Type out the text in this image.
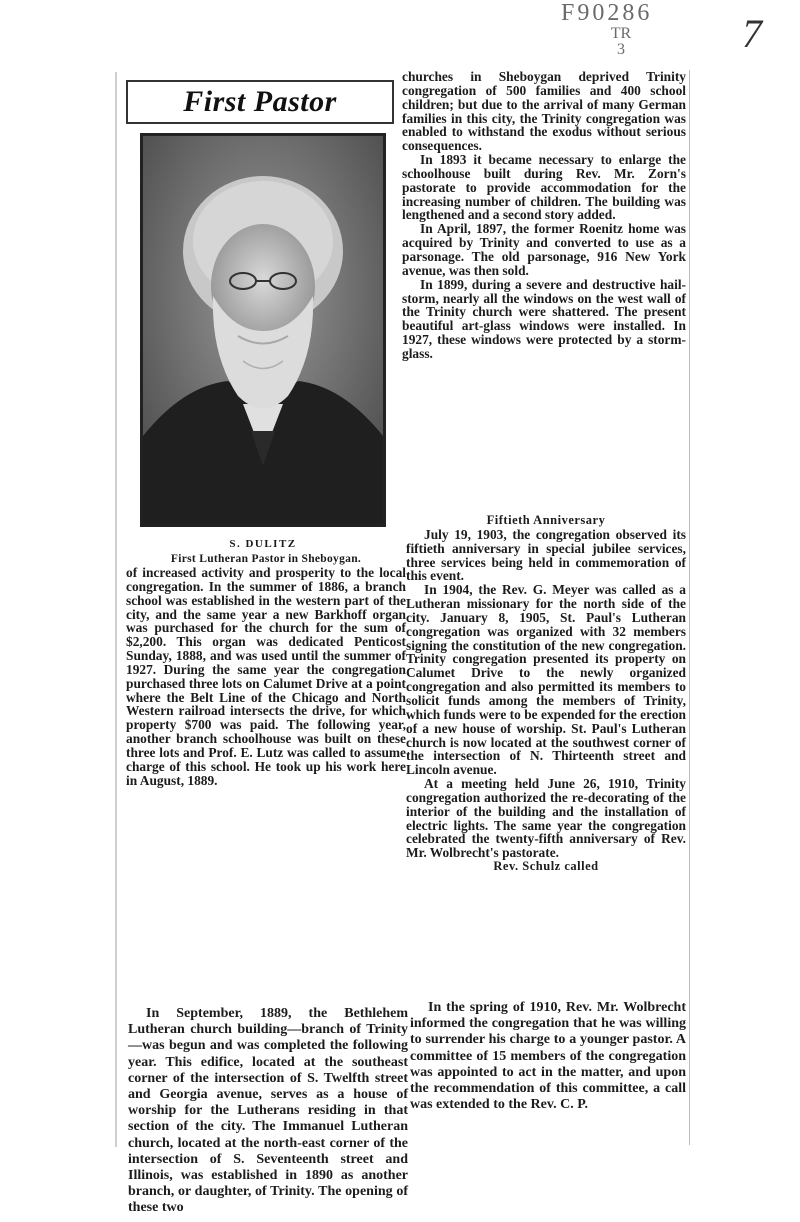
F90286
TR 3	7
First Pastor
S. DULITZ
First Lutheran Pastor in Sheboygan.

of increased activity and prosperity to the local congregation. In the summer of 1886, a branch school was established in the western part of the city, and the same year a new Barkhoff organ was purchased for the church for the sum of $2,200. This organ was dedicated Penticost Sunday, 1888, and was used until the summer of 1927. During the same year the congregation purchased three lots on Calumet Drive at a point where the Belt Line of the Chicago and North Western railroad intersects the drive, for which property $700 was paid. The following year, another branch schoolhouse was built on these three lots and Prof. E. Lutz was called to assume charge of this school. He took up his work here in August, 1889.

In September, 1889, the Bethlehem Lutheran church building—branch of Trinity—was begun and was completed the following year. This edifice, located at the southeast corner of the intersection of S. Twelfth street and Georgia avenue, serves as a house of worship for the Lutherans residing in that section of the city. The Immanuel Lutheran church, located at the north-east corner of the intersection of S. Seventeenth street and Illinois, was established in 1890 as another branch, or daughter, of Trinity. The opening of these two

churches in Sheboygan deprived Trinity congregation of 500 families and 400 school children; but due to the arrival of many German families in this city, the Trinity congregation was enabled to withstand the exodus without serious consequences.

In 1893 it became necessary to enlarge the schoolhouse built during Rev. Mr. Zorn's pastorate to provide accommodation for the increasing number of children. The building was lengthened and a second story added.

In April, 1897, the former Roenitz home was acquired by Trinity and converted to use as a parsonage. The old parsonage, 916 New York avenue, was then sold.

In 1899, during a severe and destructive hail-storm, nearly all the windows on the west wall of the Trinity church were shattered. The present beautiful art-glass windows were installed. In 1927, these windows were protected by a storm-glass.

Fiftieth Anniversary

July 19, 1903, the congregation observed its fiftieth anniversary in special jubilee services, three services being held in commemoration of this event.

In 1904, the Rev. G. Meyer was called as a Lutheran missionary for the north side of the city. January 8, 1905, St. Paul's Lutheran congregation was organized with 32 members signing the constitution of the new congregation. Trinity congregation presented its property on Calumet Drive to the newly organized congregation and also permitted its members to solicit funds among the members of Trinity, which funds were to be expended for the erection of a new house of worship. St. Paul's Lutheran church is now located at the southwest corner of the intersection of N. Thirteenth street and Lincoln avenue.

At a meeting held June 26, 1910, Trinity congregation authorized the re-decorating of the interior of the building and the installation of electric lights. The same year the congregation celebrated the twenty-fifth anniversary of Rev. Mr. Wolbrecht's pastorate.

Rev. Schulz called

In the spring of 1910, Rev. Mr. Wolbrecht informed the congregation that he was willing to surrender his charge to a younger pastor. A committee of 15 members of the congregation was appointed to act in the matter, and upon the recommendation of this committee, a call was extended to the Rev. C. P.
